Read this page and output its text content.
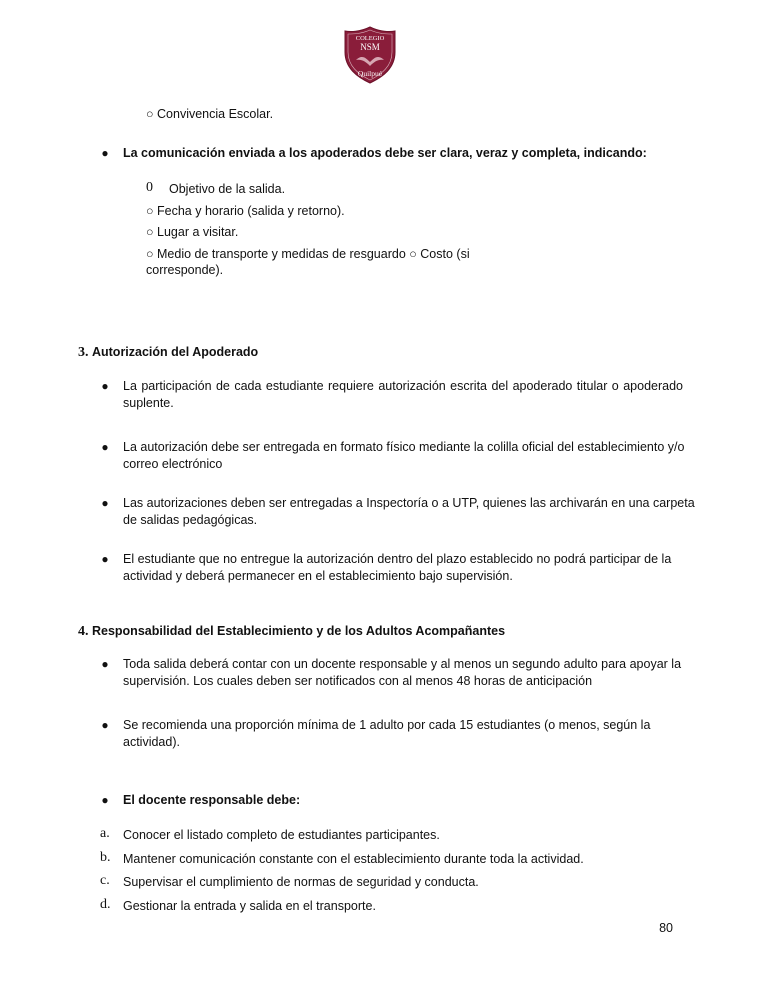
COLEGIO
NSM
Quilpué
○ Convivencia Escolar.
● La comunicación enviada a los apoderados debe ser clara, veraz y completa, indicando:
0 Objetivo de la salida.
○ Fecha y horario (salida y retorno).
○ Lugar a visitar.
○ Medio de transporte y medidas de resguardo ○ Costo (si
corresponde).
3. Autorización del Apoderado
● La participación de cada estudiante requiere autorización escrita del apoderado titular o apoderado suplente.
● La autorización debe ser entregada en formato físico mediante la colilla oficial del establecimiento y/o correo electrónico
● Las autorizaciones deben ser entregadas a Inspectoría o a UTP, quienes las archivarán en una carpeta de salidas pedagógicas.
● El estudiante que no entregue la autorización dentro del plazo establecido no podrá participar de la actividad y deberá permanecer en el establecimiento bajo supervisión.
4. Responsabilidad del Establecimiento y de los Adultos Acompañantes
● Toda salida deberá contar con un docente responsable y al menos un segundo adulto para apoyar la supervisión. Los cuales deben ser notificados con al menos 48 horas de anticipación
● Se recomienda una proporción mínima de 1 adulto por cada 15 estudiantes (o menos, según la actividad).
● El docente responsable debe:
a. Conocer el listado completo de estudiantes participantes.
b. Mantener comunicación constante con el establecimiento durante toda la actividad.
c. Supervisar el cumplimiento de normas de seguridad y conducta.
d. Gestionar la entrada y salida en el transporte.
80
